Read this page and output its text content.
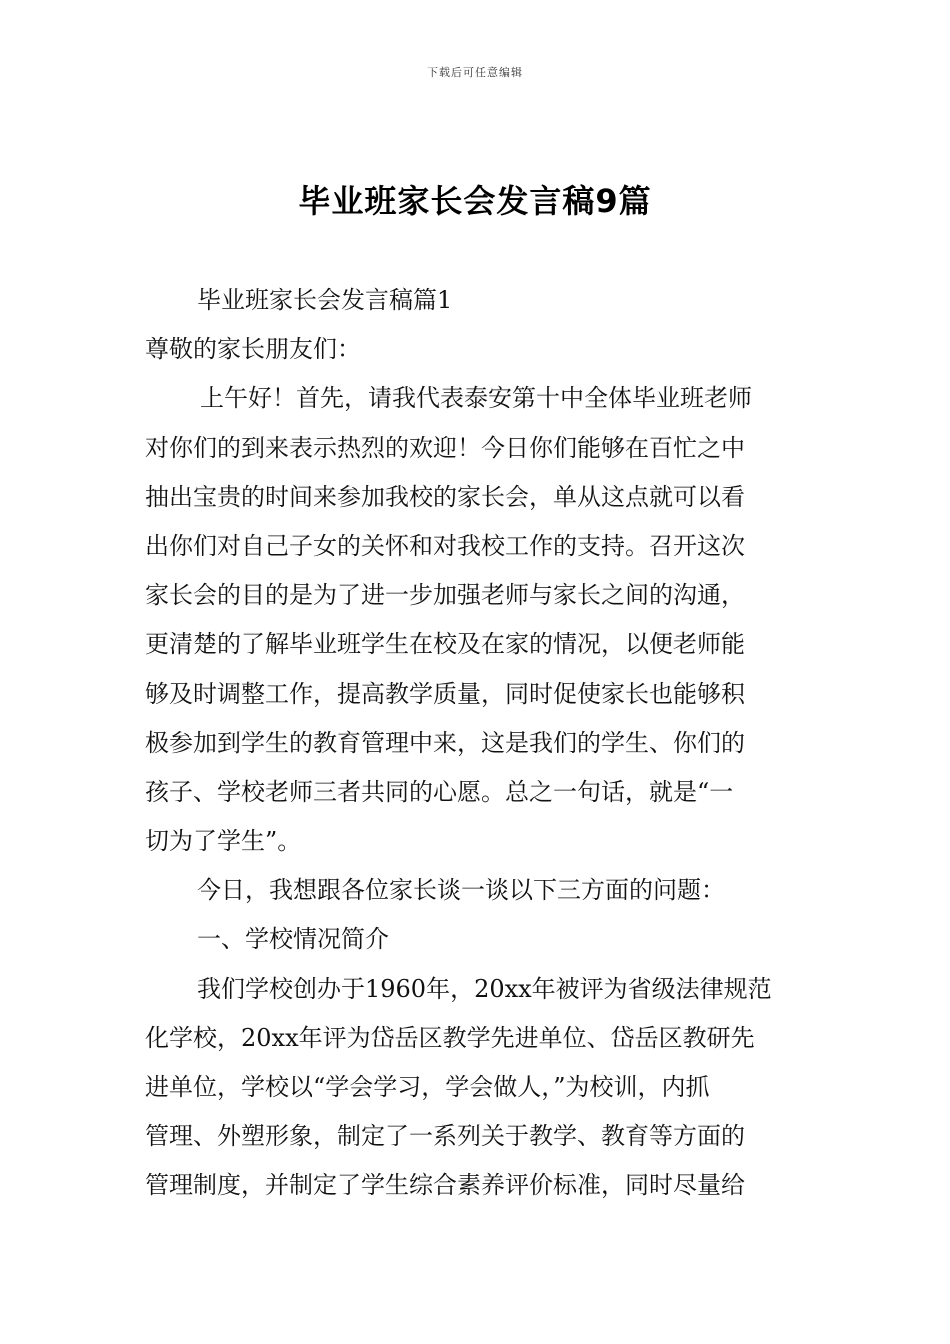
下载后可任意编辑
毕业班家长会发言稿9篇
毕业班家长会发言稿篇1
尊敬的家长朋友们：
上午好！首先，请我代表泰安第十中全体毕业班老师
对你们的到来表示热烈的欢迎！今日你们能够在百忙之中
抽出宝贵的时间来参加我校的家长会，单从这点就可以看
出你们对自己子女的关怀和对我校工作的支持。召开这次
家长会的目的是为了进一步加强老师与家长之间的沟通，
更清楚的了解毕业班学生在校及在家的情况，以便老师能
够及时调整工作，提高教学质量，同时促使家长也能够积
极参加到学生的教育管理中来，这是我们的学生、你们的
孩子、学校老师三者共同的心愿。总之一句话，就是“一
切为了学生”。
今日，我想跟各位家长谈一谈以下三方面的问题：
一、学校情况简介
我们学校创办于1960年，20xx年被评为省级法律规范
化学校，20xx年评为岱岳区教学先进单位、岱岳区教研先
进单位，学校以“学会学习，学会做人，”为校训，内抓
管理、外塑形象，制定了一系列关于教学、教育等方面的
管理制度，并制定了学生综合素养评价标准，同时尽量给
